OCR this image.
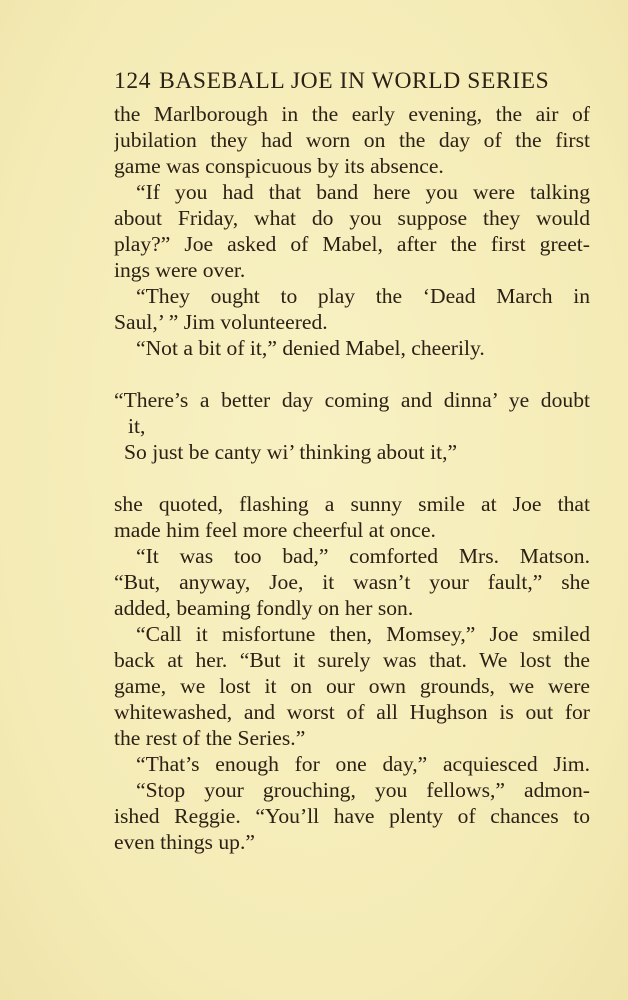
124 BASEBALL JOE IN WORLD SERIES
the Marlborough in the early evening, the air of
jubilation they had worn on the day of the first
game was conspicuous by its absence.
“If you had that band here you were talking
about Friday, what do you suppose they would
play?” Joe asked of Mabel, after the first greet-
ings were over.
“They ought to play the ‘Dead March in
Saul,’ ” Jim volunteered.
“Not a bit of it,” denied Mabel, cheerily.
“There’s a better day coming and dinna’ ye doubt
it,
So just be canty wi’ thinking about it,”
she quoted, flashing a sunny smile at Joe that
made him feel more cheerful at once.
“It was too bad,” comforted Mrs. Matson.
“But, anyway, Joe, it wasn’t your fault,” she
added, beaming fondly on her son.
“Call it misfortune then, Momsey,” Joe smiled
back at her. “But it surely was that. We lost the
game, we lost it on our own grounds, we were
whitewashed, and worst of all Hughson is out for
the rest of the Series.”
“That’s enough for one day,” acquiesced Jim.
“Stop your grouching, you fellows,” admon-
ished Reggie. “You’ll have plenty of chances to
even things up.”
